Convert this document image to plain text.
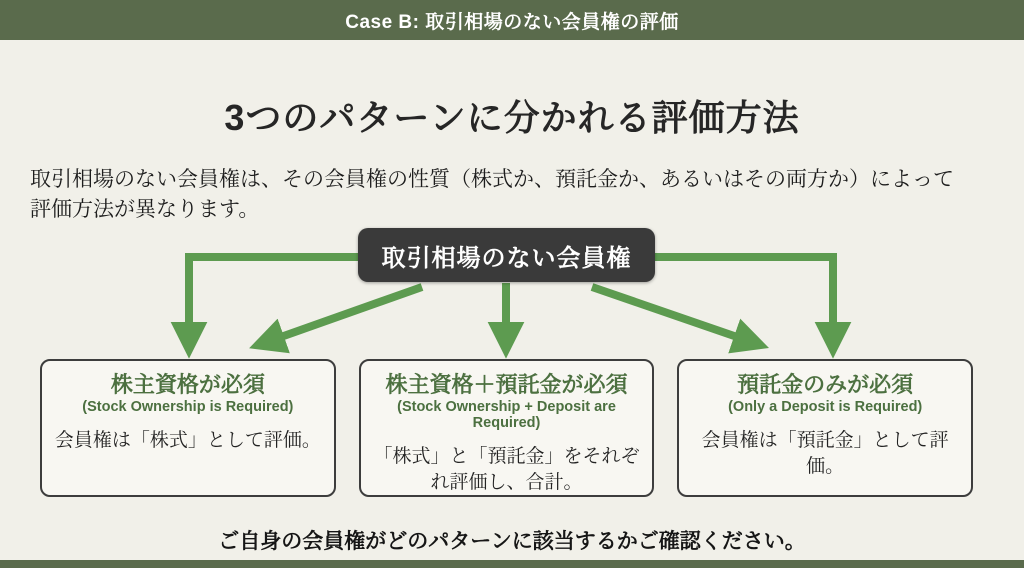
Case B: 取引相場のない会員権の評価
3つのパターンに分かれる評価方法

取引相場のない会員権は、その会員権の性質（株式か、預託金か、あるいはその両方か）によって
評価方法が異なります。

取引相場のない会員権
株主資格が必須
(Stock Ownership is Required)
会員権は「株式」として評価。
株主資格＋預託金が必須
(Stock Ownership + Deposit are Required)
「株式」と「預託金」をそれぞれ評価し、合計。
預託金のみが必須
(Only a Deposit is Required)
会員権は「預託金」として評価。
ご自身の会員権がどのパターンに該当するかご確認ください。
